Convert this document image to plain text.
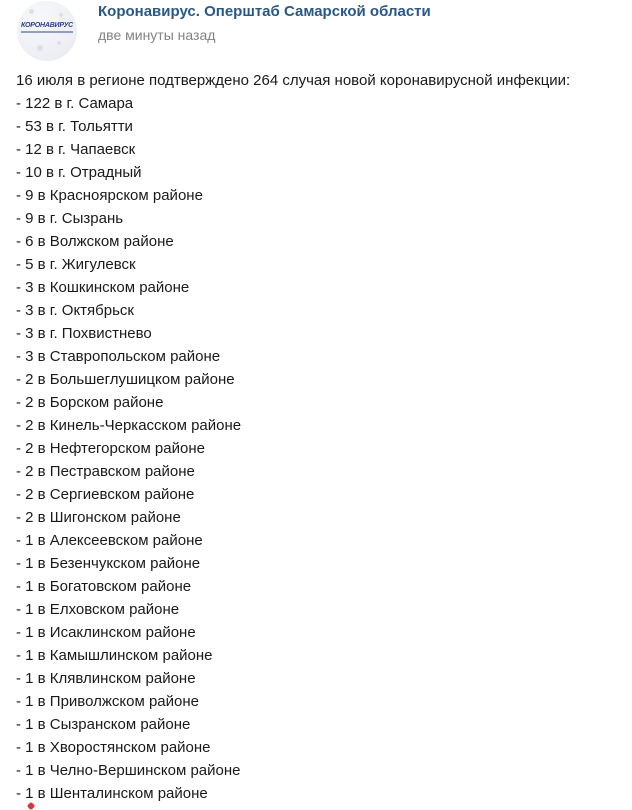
КОРОНАВИРУС
Коронавирус. Оперштаб Самарской области
две минуты назад
16 июля в регионе подтверждено 264 случая новой коронавирусной инфекции:
- 122 в г. Самара
- 53 в г. Тольятти
- 12 в г. Чапаевск
- 10 в г. Отрадный
- 9 в Красноярском районе
- 9 в г. Сызрань
- 6 в Волжском районе
- 5 в г. Жигулевск
- 3 в Кошкинском районе
- 3 в г. Октябрьск
- 3 в г. Похвистнево
- 3 в Ставропольском районе
- 2 в Большеглушицком районе
- 2 в Борском районе
- 2 в Кинель-Черкасском районе
- 2 в Нефтегорском районе
- 2 в Пестравском районе
- 2 в Сергиевском районе
- 2 в Шигонском районе
- 1 в Алексеевском районе
- 1 в Безенчукском районе
- 1 в Богатовском районе
- 1 в Елховском районе
- 1 в Исаклинском районе
- 1 в Камышлинском районе
- 1 в Клявлинском районе
- 1 в Приволжском районе
- 1 в Сызранском районе
- 1 в Хворостянском районе
- 1 в Челно-Вершинском районе
- 1 в Шенталинском районе
